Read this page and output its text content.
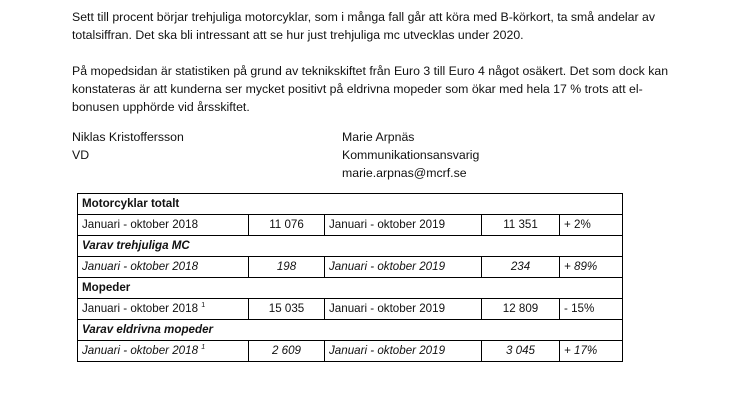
Sett till procent börjar trehjuliga motorcyklar, som i många fall går att köra med B-körkort, ta små andelar av
totalsiffran. Det ska bli intressant att se hur just trehjuliga mc utvecklas under 2020.

På mopedsidan är statistiken på grund av teknikskiftet från Euro 3 till Euro 4 något osäkert. Det som dock kan
konstateras är att kunderna ser mycket positivt på eldrivna mopeder som ökar med hela 17 % trots att el-
bonusen upphörde vid årsskiftet.

Niklas Kristoffersson
VD
Marie Arpnäs
Kommunikationsansvarig
marie.arpnas@mcrf.se
Motorcyklar totalt				
Januari - oktober 2018	11 076	Januari - oktober 2019	11 351	+ 2%
Varav trehjuliga MC				
Januari - oktober 2018	198	Januari - oktober 2019	234	+ 89%
Mopeder				
Januari - oktober 2018 $^1$	15 035	Januari - oktober 2019	12 809	- 15%
Varav eldrivna mopeder				
Januari - oktober 2018 $^1$	2 609	Januari - oktober 2019	3 045	+ 17%
